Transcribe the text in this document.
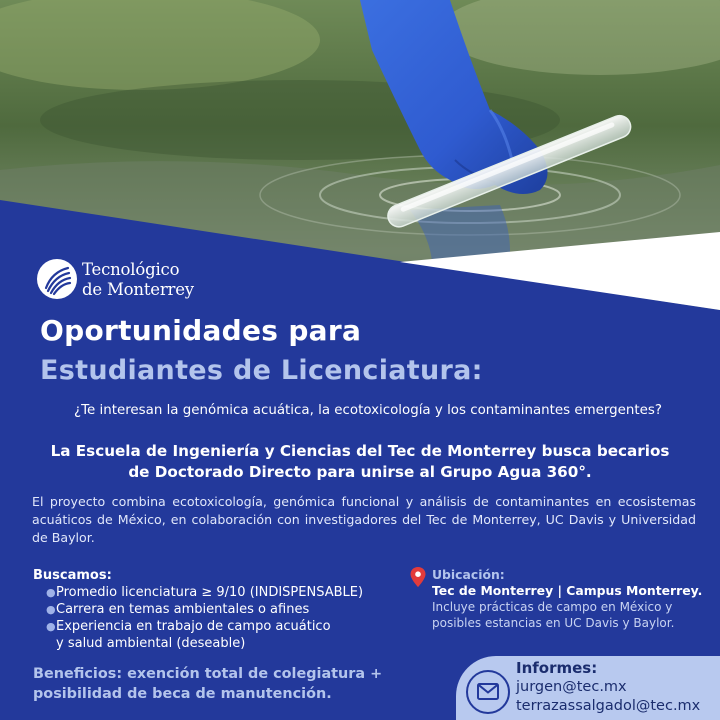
Tecnológico
de Monterrey
Oportunidades para
Estudiantes de Licenciatura:
¿Te interesan la genómica acuática, la ecotoxicología y los contaminantes emergentes?
La Escuela de Ingeniería y Ciencias del Tec de Monterrey busca becarios
de Doctorado Directo para unirse al Grupo Agua 360°.
El proyecto combina ecotoxicología, genómica funcional y análisis de contaminantes en ecosistemas acuáticos de México, en colaboración con investigadores del Tec de Monterrey, UC Davis y Universidad de Baylor.
Buscamos:
● Promedio licenciatura ≥ 9/10 (INDISPENSABLE)
● Carrera en temas ambientales o afines
● Experiencia en trabajo de campo acuático
y salud ambiental (deseable)
Beneficios: exención total de colegiatura +
posibilidad de beca de manutención.
Ubicación:
Tec de Monterrey | Campus Monterrey.
Incluye prácticas de campo en México y
posibles estancias en UC Davis y Baylor.
Informes:
jurgen@tec.mx
terrazassalgadol@tec.mx
